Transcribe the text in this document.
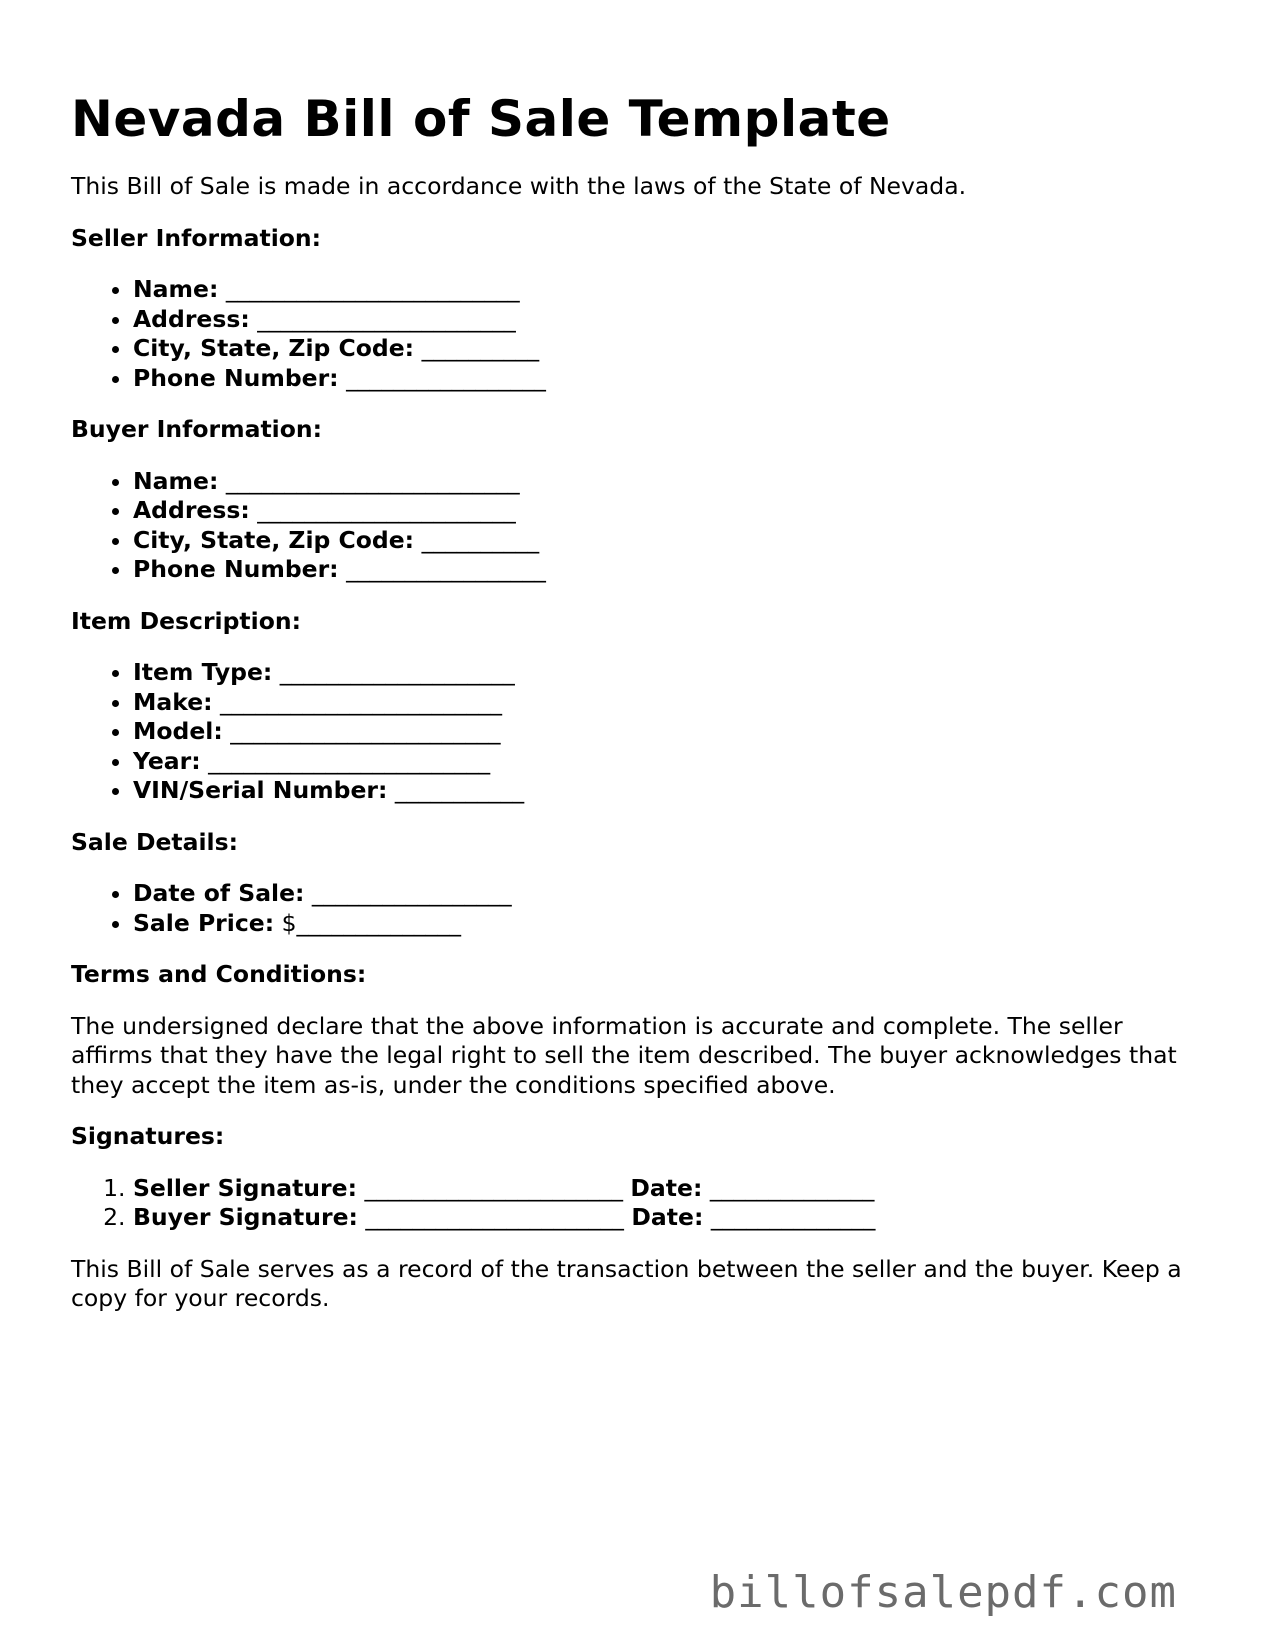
Nevada Bill of Sale Template

This Bill of Sale is made in accordance with the laws of the State of Nevada.

Seller Information:
• Name: _________________________
• Address: ______________________
• City, State, Zip Code: __________
• Phone Number: _________________
Buyer Information:
• Name: _________________________
• Address: ______________________
• City, State, Zip Code: __________
• Phone Number: _________________
Item Description:
• Item Type: ____________________
• Make: ________________________
• Model: _______________________
• Year: ________________________
• VIN/Serial Number: ___________
Sale Details:
• Date of Sale: _________________
• Sale Price: $______________
Terms and Conditions:

The undersigned declare that the above information is accurate and complete. The seller affirms that they have the legal right to sell the item described. The buyer acknowledges that they accept the item as-is, under the conditions specified above.

Signatures:
1. Seller Signature: ______________________ Date: ______________
2. Buyer Signature: ______________________ Date: ______________

This Bill of Sale serves as a record of the transaction between the seller and the buyer. Keep a copy for your records.

billofsalepdf.com
